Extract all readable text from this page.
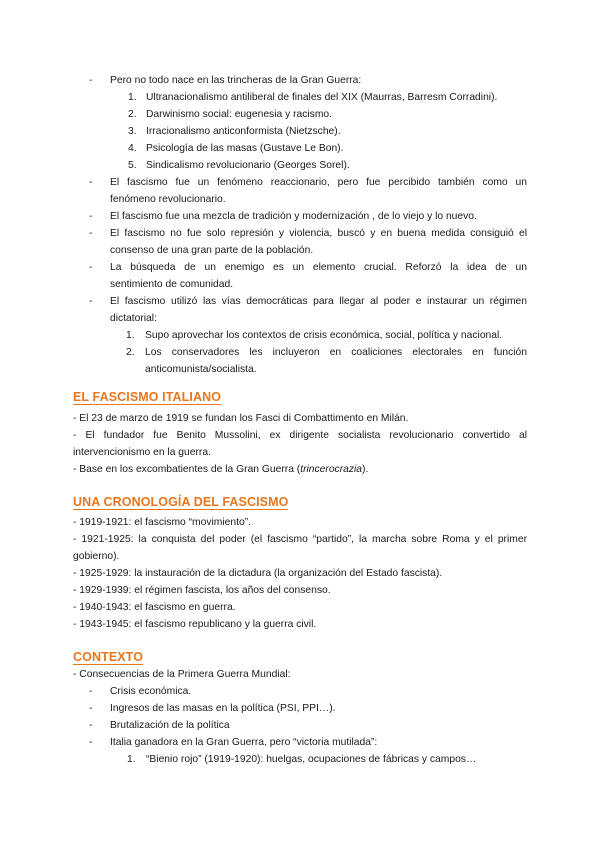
- Pero no todo nace en las trincheras de la Gran Guerra:
1. Ultranacionalismo antiliberal de finales del XIX (Maurras, Barresm Corradini).
2. Darwinismo social: eugenesia y racismo.
3. Irracionalismo anticonformista (Nietzsche).
4. Psicología de las masas (Gustave Le Bon).
5. Sindicalismo revolucionario (Georges Sorel).
- El fascismo fue un fenómeno reaccionario, pero fue percibido también como un
fenómeno revolucionario.
- El fascismo fue una mezcla de tradición y modernización , de lo viejo y lo nuevo.
- El fascismo no fue solo represión y violencia, buscó y en buena medida consiguió el
consenso de una gran parte de la población.
- La búsqueda de un enemigo es un elemento crucial. Reforzó la idea de un
sentimiento de comunidad.
- El fascismo utilizó las vías democráticas para llegar al poder e instaurar un régimen
dictatorial:
1. Supo aprovechar los contextos de crisis económica, social, política y nacional.
2. Los conservadores les incluyeron en coaliciones electorales en función
anticomunista/socialista.
EL FASCISMO ITALIANO
- El 23 de marzo de 1919 se fundan los Fasci di Combattimento en Milán.
- El fundador fue Benito Mussolini, ex dirigente socialista revolucionario convertido al
intervencionismo en la guerra.
- Base en los excombatientes de la Gran Guerra (trincerocrazia).
UNA CRONOLOGÍA DEL FASCISMO
- 1919-1921: el fascismo “movimiento”.
- 1921-1925: la conquista del poder (el fascismo “partido”, la marcha sobre Roma y el primer
gobierno).
- 1925-1929: la instauración de la dictadura (la organización del Estado fascista).
- 1929-1939: el régimen fascista, los años del consenso.
- 1940-1943: el fascismo en guerra.
- 1943-1945: el fascismo republicano y la guerra civil.
CONTEXTO
- Consecuencias de la Primera Guerra Mundial:
- Crisis económica.
- Ingresos de las masas en la política (PSI, PPI…).
- Brutalización de la política
- Italia ganadora en la Gran Guerra, pero “victoria mutilada”:
1. “Bienio rojo” (1919-1920): huelgas, ocupaciones de fábricas y campos…
